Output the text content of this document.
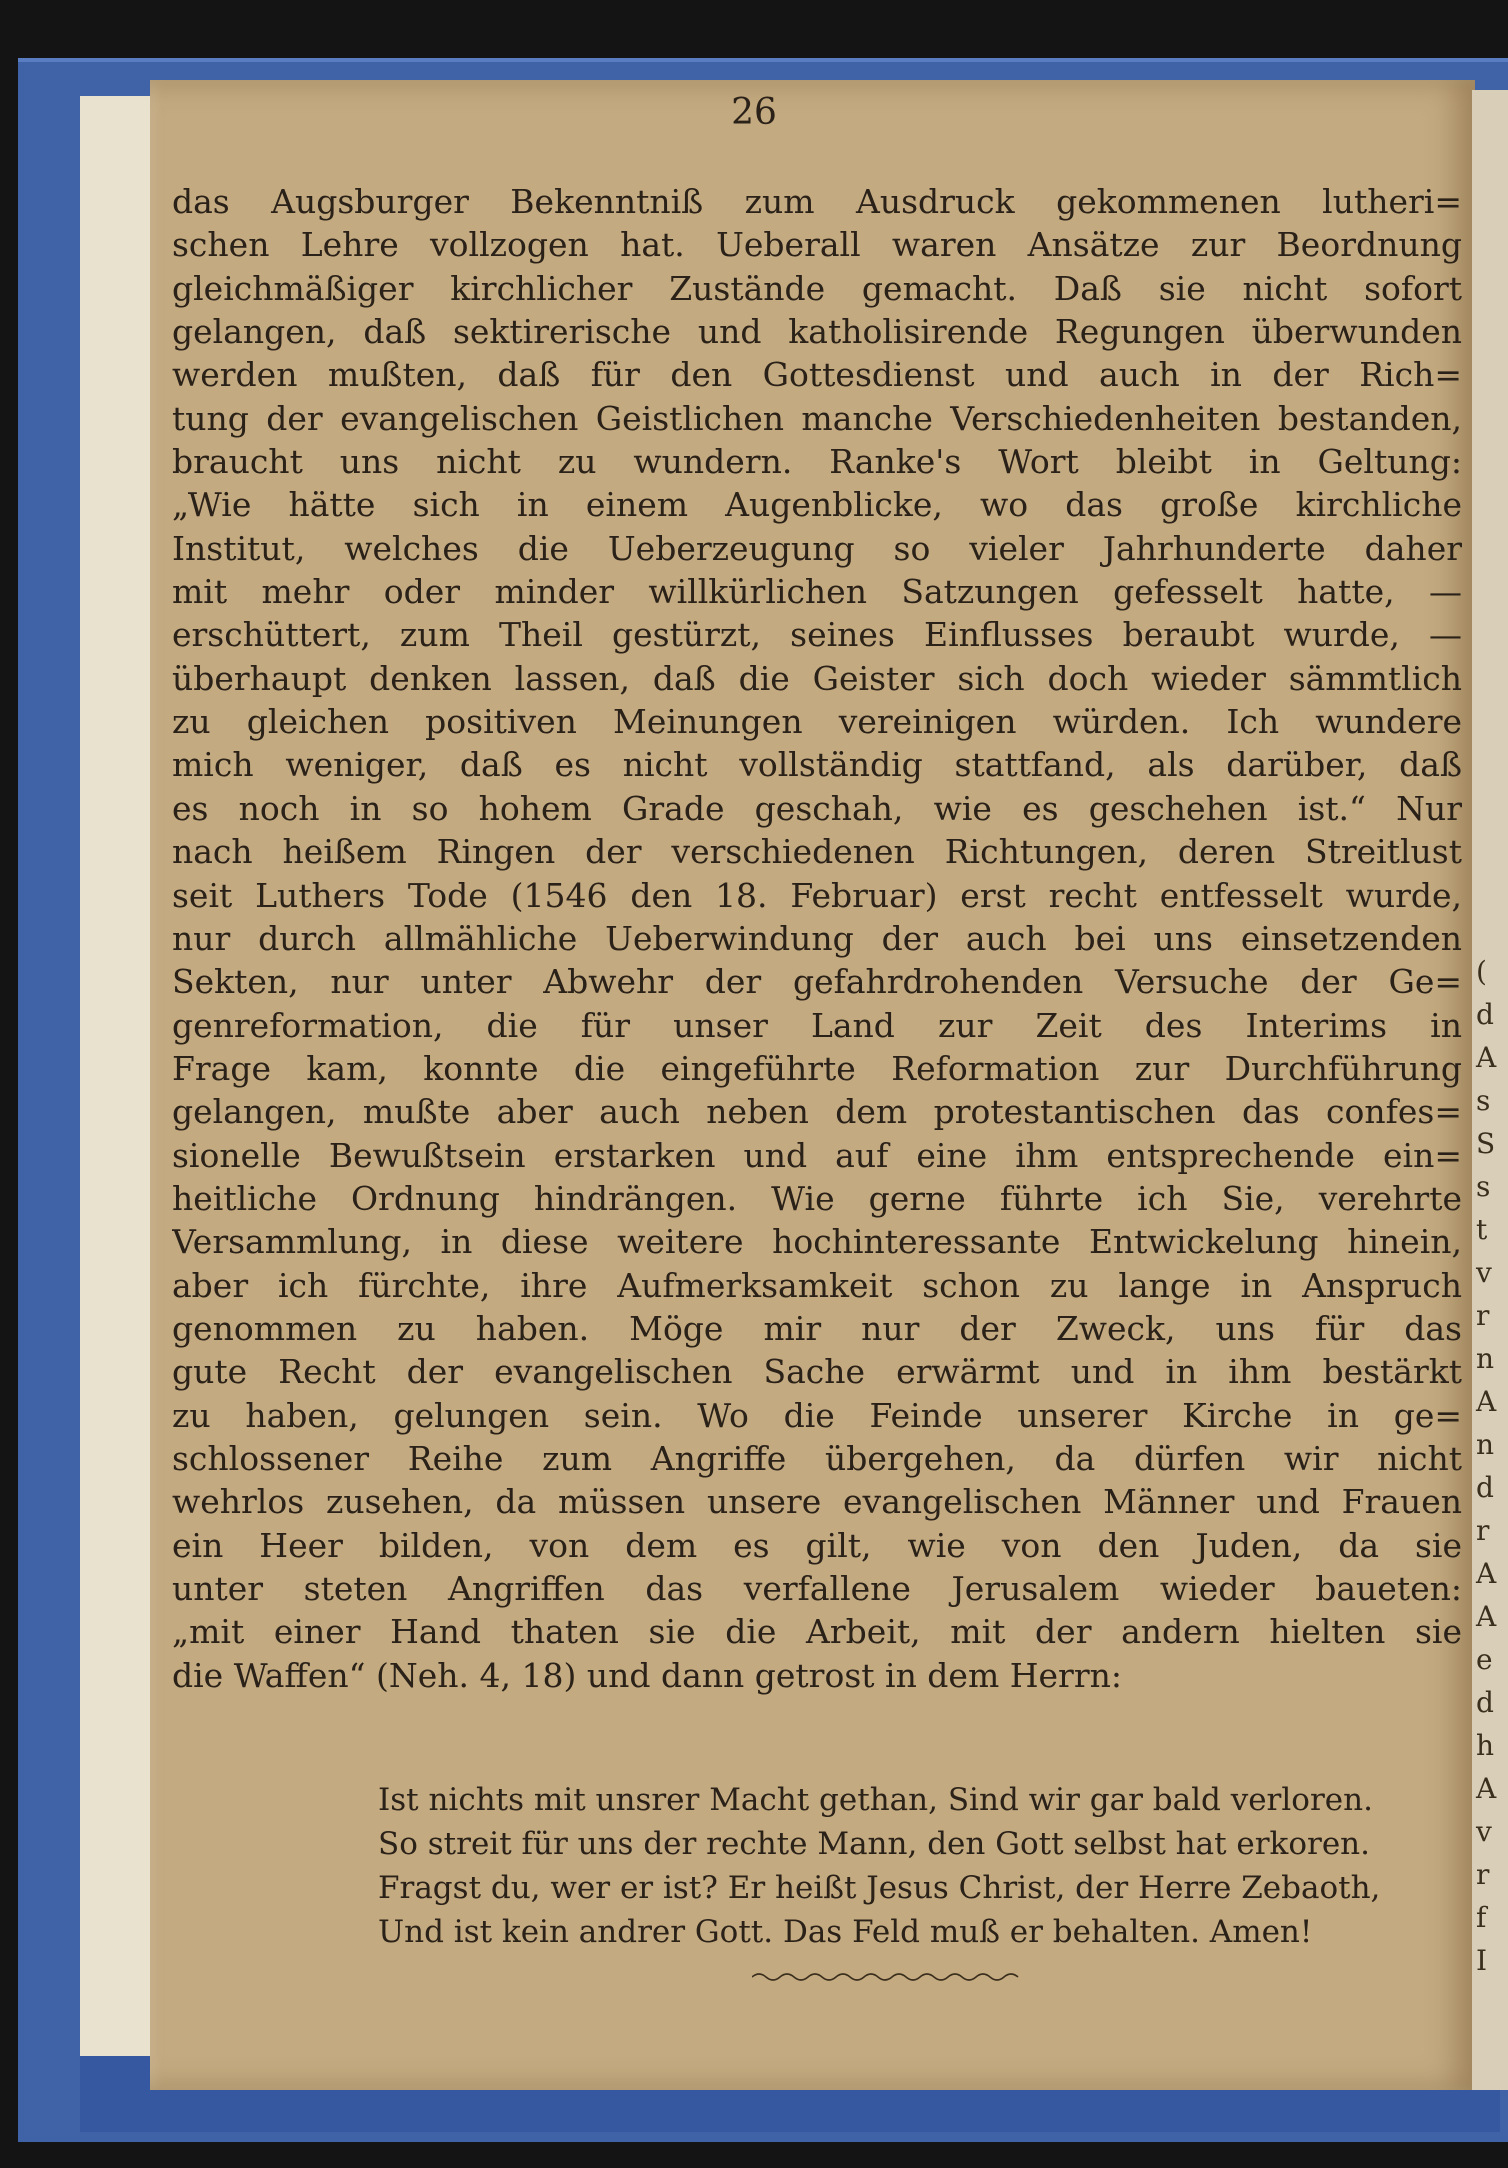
(
d
A
s
S
s
t
v
r
n
A
n
d
r
A
A
e
d
h
A
v
r
f
I
26

das Augsburger Bekenntniß zum Ausdruck gekommenen lutheri=

schen Lehre vollzogen hat. Ueberall waren Ansätze zur Beordnung

gleichmäßiger kirchlicher Zustände gemacht. Daß sie nicht sofort

gelangen, daß sektirerische und katholisirende Regungen überwunden

werden mußten, daß für den Gottesdienst und auch in der Rich=

tung der evangelischen Geistlichen manche Verschiedenheiten bestanden,

braucht uns nicht zu wundern. Ranke's Wort bleibt in Geltung:

„Wie hätte sich in einem Augenblicke, wo das große kirchliche

Institut, welches die Ueberzeugung so vieler Jahrhunderte daher

mit mehr oder minder willkürlichen Satzungen gefesselt hatte, —

erschüttert, zum Theil gestürzt, seines Einflusses beraubt wurde, —

überhaupt denken lassen, daß die Geister sich doch wieder sämmtlich

zu gleichen positiven Meinungen vereinigen würden. Ich wundere

mich weniger, daß es nicht vollständig stattfand, als darüber, daß

es noch in so hohem Grade geschah, wie es geschehen ist.“ Nur

nach heißem Ringen der verschiedenen Richtungen, deren Streitlust

seit Luthers Tode (1546 den 18. Februar) erst recht entfesselt wurde,

nur durch allmähliche Ueberwindung der auch bei uns einsetzenden

Sekten, nur unter Abwehr der gefahrdrohenden Versuche der Ge=

genreformation, die für unser Land zur Zeit des Interims in

Frage kam, konnte die eingeführte Reformation zur Durchführung

gelangen, mußte aber auch neben dem protestantischen das confes=

sionelle Bewußtsein erstarken und auf eine ihm entsprechende ein=

heitliche Ordnung hindrängen. Wie gerne führte ich Sie, verehrte

Versammlung, in diese weitere hochinteressante Entwickelung hinein,

aber ich fürchte, ihre Aufmerksamkeit schon zu lange in Anspruch

genommen zu haben. Möge mir nur der Zweck, uns für das

gute Recht der evangelischen Sache erwärmt und in ihm bestärkt

zu haben, gelungen sein. Wo die Feinde unserer Kirche in ge=

schlossener Reihe zum Angriffe übergehen, da dürfen wir nicht

wehrlos zusehen, da müssen unsere evangelischen Männer und Frauen

ein Heer bilden, von dem es gilt, wie von den Juden, da sie

unter steten Angriffen das verfallene Jerusalem wieder baueten:

„mit einer Hand thaten sie die Arbeit, mit der andern hielten sie

die Waffen“ (Neh. 4, 18) und dann getrost in dem Herrn:

Ist nichts mit unsrer Macht gethan, Sind wir gar bald verloren.

So streit für uns der rechte Mann, den Gott selbst hat erkoren.

Fragst du, wer er ist? Er heißt Jesus Christ, der Herre Zebaoth,

Und ist kein andrer Gott. Das Feld muß er behalten. Amen!
